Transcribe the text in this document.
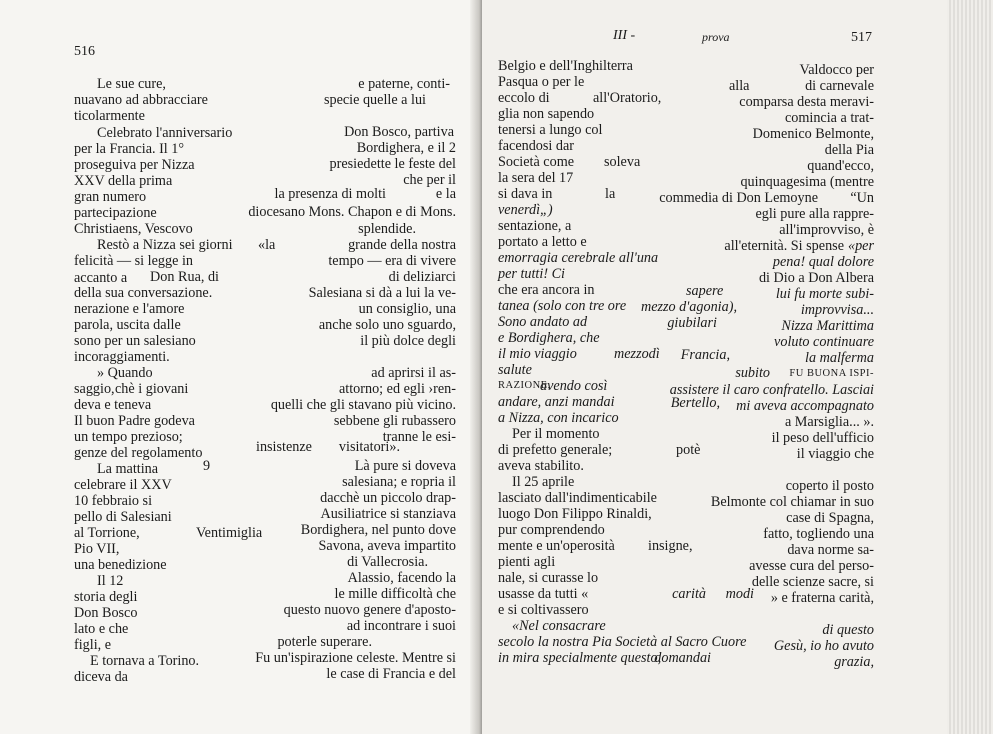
516
Le sue cure,	e paterne, conti-
nuavano ad abbracciare	specie quelle a lui
ticolarmente
Don Bosco, partiva
Celebrato l'anniversario
Bordighera, e il 2
per la Francia. Il 1°
presiedette le feste del
proseguiva per Nizza
che per il
XXV della prima
la presenza di molti	e la
gran numero
diocesano Mons. Chapon e di Mons.
partecipazione
Christiaens, Vescovo	splendide.
Restò a Nizza sei giorni «la	grande della nostra
tempo — era di vivere
felicità — si legge in
di deliziarci
accanto a Don Rua, di
Salesiana si dà a lui la ve-
della sua conversazione.
un consiglio, una
nerazione e l'amore
anche solo uno sguardo,
parola, uscita dalle
il più dolce degli
sono per un salesiano
incoraggiamenti.
» Quando	ad aprirsi il as-
saggio, chè i giovani	attorno; ed egli ›ren-
deva e teneva	quelli che gli stavano più vicino.
Il buon Padre godeva	sebbene gli rubassero
un tempo prezioso;	tranne le esi-
genze del regolamento	insistenze visitatori».
La mattina	9	Là pure si doveva
celebrare il XXV	salesiana; e ropria il
10 febbraio si	dacchè un piccolo drap-
pello di Salesiani	Ausiliatrice si stanziava
al Torrione,	Ventimiglia	Bordighera, nel punto dove
Pio VII,	Savona, aveva impartito
una benedizione	di Vallecrosia.
Il 12	Alassio, facendo la
storia degli	le mille difficoltà che
Don Bosco	questo nuovo genere d'aposto-
lato e che	ad incontrare i suoi
figli, e	poterle superare.
E tornava a Torino.	Fu un'ispirazione celeste. Mentre si
diceva da	le case di Francia e del
III -	prova	517
Belgio e dell'Inghilterra	Valdocco per
Pasqua o per le	alla	di carnevale
eccolo di	all'Oratorio,	comparsa desta meravi-
glia non sapendo	comincia a trat-
tenersi a lungo col	Domenico Belmonte,
facendosi dar	della Pia
Società come soleva	quand'ecco,
la sera del 17	quinquagesima (mentre
si dava in	la	commedia di Don Lemoyne “Un
venerdì„)	egli pure alla rappre-
sentazione, a	all'improvviso, è
portato a letto e	all'eternità. Si spense «per
emorragia cerebrale all'una	pena! qual dolore
per tutti! Ci	di Dio a Don Albera
che era ancora in	sapere	lui fu morte subi-
tanea (solo con tre ore mezzo d'agonia),	improvvisa...
Sono andato ad	giubilari	Nizza Marittima
e Bordighera, che	voluto continuare
il mio viaggio	mezzodì Francia,	la malferma
salute	subito FU BUONA ISPI-
RAZIONE,
avendo così	assistere il caro confratello. Lasciai
andare, anzi mandai	Bertello, mi aveva accompagnato
a Nizza, con incarico	a Marsiglia... ».
Per il momento	il peso dell'ufficio
di prefetto generale;	potè	il viaggio che
aveva stabilito.
Il 25 aprile	coperto il posto
lasciato dall'indimenticabile	Belmonte col chiamar in suo
luogo Don Filippo Rinaldi,	case di Spagna,
pur comprendendo	fatto, togliendo una
mente e un'operosità insigne,	dava norme sa-
pienti agli	avesse cura del perso-
nale, si curasse lo	delle scienze sacre, si
usasse da tutti «	carità modi » e fraterna carità,
e si coltivassero
«Nel consacrare	di questo
secolo la nostra Pia Società al Sacro Cuore Gesù, io ho avuto
in mira specialmente questo,
domandai	grazia,
